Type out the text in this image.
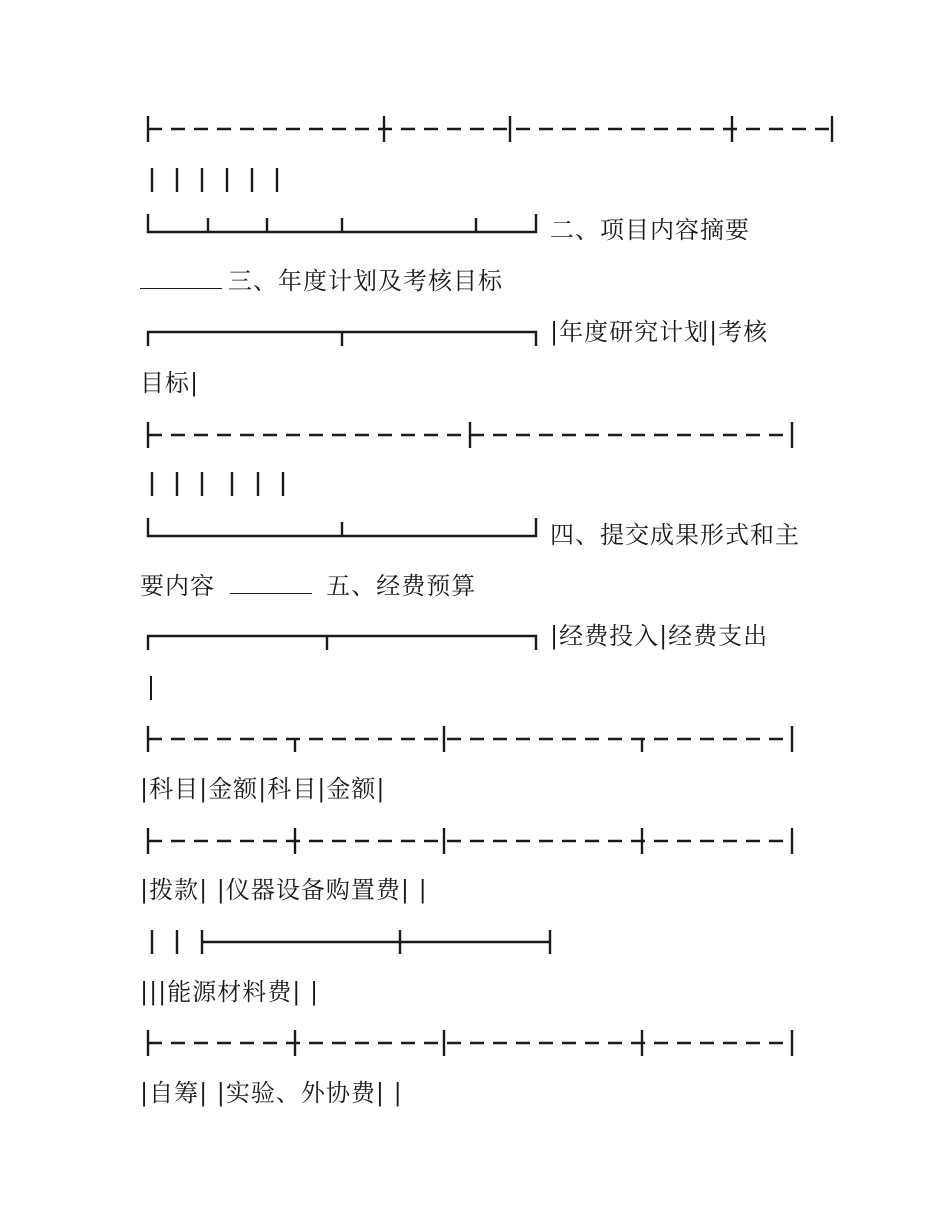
二、项目内容摘要
三、年度计划及考核目标
|年度研究计划|考核
目标|
四、提交成果形式和主
要内容	五、经费预算
|经费投入|经费支出
|科目|金额|科目|金额|
|拨款| |仪器设备购置费| |
|||能源材料费| |
|自筹| |实验、外协费| |
